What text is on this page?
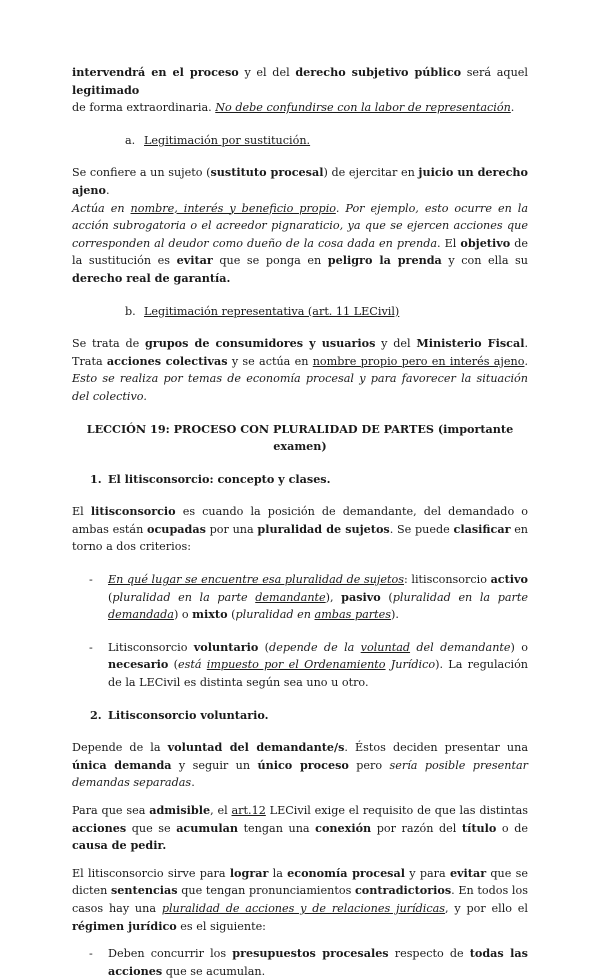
intervendrá en el proceso y el del derecho subjetivo público será aquel legitimado
de forma extraordinaria. No debe confundirse con la labor de representación.

a. Legitimación por sustitución.

Se confiere a un sujeto (sustituto procesal) de ejercitar en juicio un derecho ajeno.
Actúa en nombre, interés y beneficio propio. Por ejemplo, esto ocurre en la acción subrogatoria o el acreedor pignaraticio, ya que se ejercen acciones que corresponden al deudor como dueño de la cosa dada en prenda. El objetivo de la sustitución es evitar que se ponga en peligro la prenda y con ella su derecho real de garantía.

b. Legitimación representativa (art. 11 LECivil)

Se trata de grupos de consumidores y usuarios y del Ministerio Fiscal. Trata acciones colectivas y se actúa en nombre propio pero en interés ajeno. Esto se realiza por temas de economía procesal y para favorecer la situación del colectivo.

LECCIÓN 19: PROCESO CON PLURALIDAD DE PARTES (importante examen)

1. El litisconsorcio: concepto y clases.

El litisconsorcio es cuando la posición de demandante, del demandado o ambas están ocupadas por una pluralidad de sujetos. Se puede clasificar en torno a dos criterios:

- En qué lugar se encuentre esa pluralidad de sujetos: litisconsorcio activo (pluralidad en la parte demandante), pasivo (pluralidad en la parte demandada) o mixto (pluralidad en ambas partes).

- Litisconsorcio voluntario (depende de la voluntad del demandante) o necesario (está impuesto por el Ordenamiento Jurídico). La regulación de la LECivil es distinta según sea uno u otro.

2. Litisconsorcio voluntario.

Depende de la voluntad del demandante/s. Éstos deciden presentar una única demanda y seguir un único proceso pero sería posible presentar demandas separadas.

Para que sea admisible, el art.12 LECivil exige el requisito de que las distintas acciones que se acumulan tengan una conexión por razón del título o de causa de pedir.

El litisconsorcio sirve para lograr la economía procesal y para evitar que se dicten sentencias que tengan pronunciamientos contradictorios. En todos los casos hay una pluralidad de acciones y de relaciones jurídicas, y por ello el régimen jurídico es el siguiente:

- Deben concurrir los presupuestos procesales respecto de todas las acciones que se acumulan.
